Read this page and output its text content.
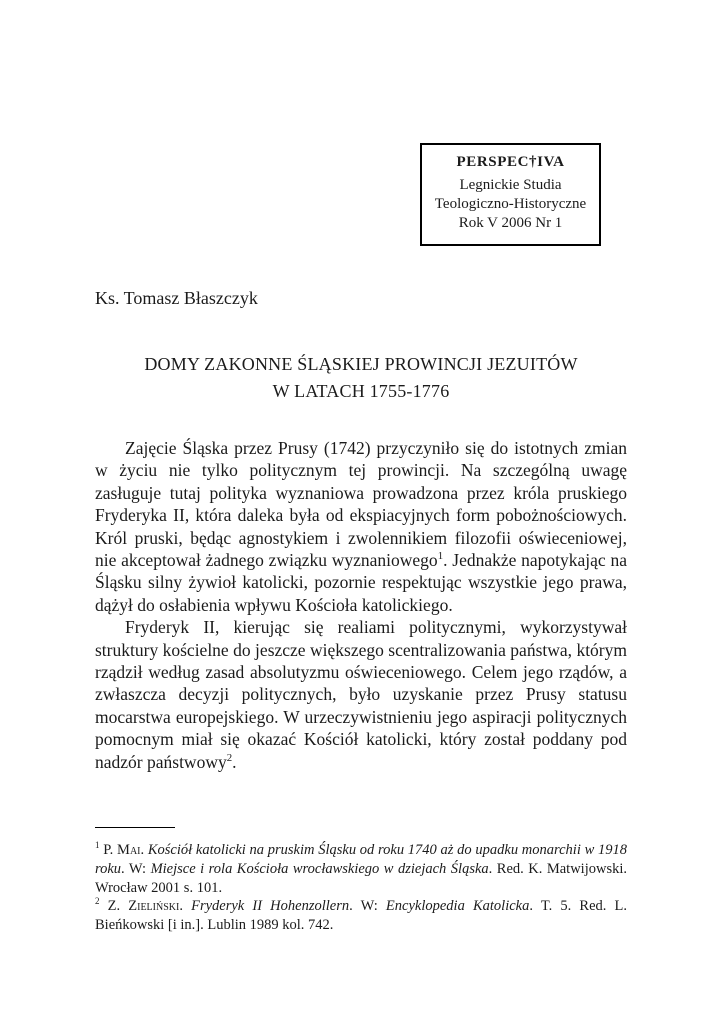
PERSPEC†IVA
Legnickie Studia
Teologiczno-Historyczne
Rok V 2006 Nr 1
Ks. Tomasz Błaszczyk
DOMY ZAKONNE ŚLĄSKIEJ PROWINCJI JEZUITÓW
W LATACH 1755-1776

Zajęcie Śląska przez Prusy (1742) przyczyniło się do istotnych zmian w życiu nie tylko politycznym tej prowincji. Na szczególną uwagę zasługuje tutaj polityka wyznaniowa prowadzona przez króla pruskiego Fryderyka II, która daleka była od ekspiacyjnych form pobożnościowych. Król pruski, będąc agnostykiem i zwolennikiem filozofii oświeceniowej, nie akceptował żadnego związku wyznaniowego$^1$. Jednakże napotykając na Śląsku silny żywioł katolicki, pozornie respektując wszystkie jego prawa, dążył do osłabienia wpływu Kościoła katolickiego.

Fryderyk II, kierując się realiami politycznymi, wykorzystywał struktury kościelne do jeszcze większego scentralizowania państwa, którym rządził według zasad absolutyzmu oświeceniowego. Celem jego rządów, a zwłaszcza decyzji politycznych, było uzyskanie przez Prusy statusu mocarstwa europejskiego. W urzeczywistnieniu jego aspiracji politycznych pomocnym miał się okazać Kościół katolicki, który został poddany pod nadzór państwowy$^2$.

$^1$ P. Mai. Kościół katolicki na pruskim Śląsku od roku 1740 aż do upadku monarchii w 1918 roku. W: Miejsce i rola Kościoła wrocławskiego w dziejach Śląska. Red. K. Matwijowski. Wrocław 2001 s. 101.

$^2$ Z. Zieliński. Fryderyk II Hohenzollern. W: Encyklopedia Katolicka. T. 5. Red. L. Bieńkowski [i in.]. Lublin 1989 kol. 742.
